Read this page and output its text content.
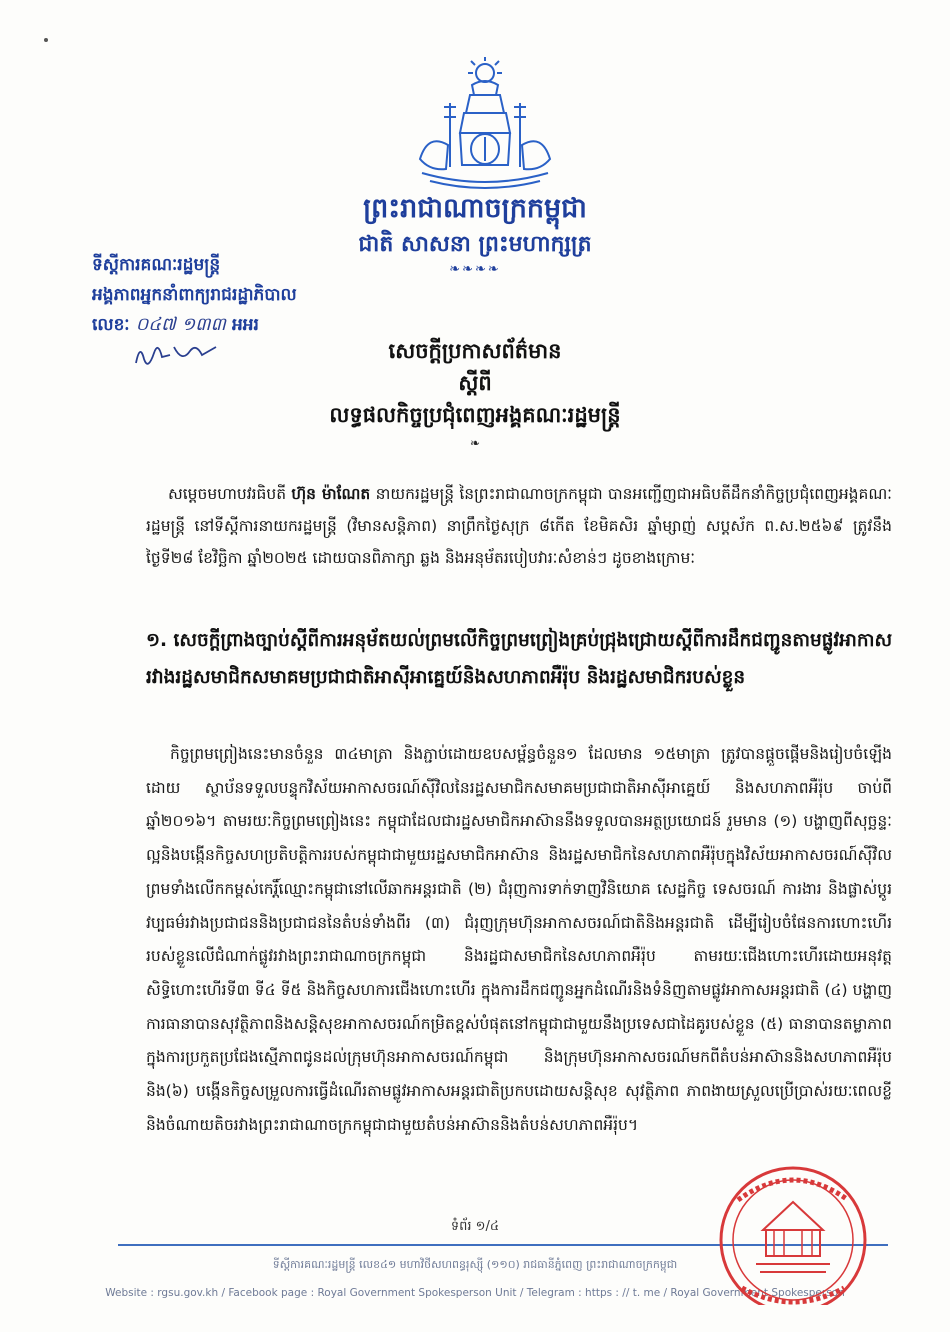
ព្រះរាជាណាចក្រកម្ពុជា
ជាតិ សាសនា ព្រះមហាក្សត្រ
❧❧❧❧
ទីស្ដីការគណៈរដ្ឋមន្ត្រី
អង្គភាពអ្នកនាំពាក្យរាជរដ្ឋាភិបាល
លេខៈ ០៤៧ ១៣៣ អអរ
សេចក្ដីប្រកាសព័ត៌មាន
ស្ដីពី
លទ្ធផលកិច្ចប្រជុំពេញអង្គគណៈរដ្ឋមន្ត្រី
❧
សម្ដេចមហាបវរធិបតី ហ៊ុន ម៉ាណែត នាយករដ្ឋមន្ត្រី នៃព្រះរាជាណាចក្រកម្ពុជា បានអញ្ជើញជាអធិបតីដឹកនាំកិច្ចប្រជុំពេញអង្គគណៈរដ្ឋមន្ត្រី នៅទីស្ដីការនាយករដ្ឋមន្ត្រី (វិមានសន្តិភាព) នាព្រឹកថ្ងៃសុក្រ ៨កើត ខែមិគសិរ ឆ្នាំម្សាញ់ សប្តស័ក ព.ស.២៥៦៩ ត្រូវនឹងថ្ងៃទី២៨ ខែវិច្ឆិកា ឆ្នាំ២០២៥ ដោយបានពិភាក្សា ឆ្លង និងអនុម័តរបៀបវារៈសំខាន់ៗ ដូចខាងក្រោមៈ
១. សេចក្ដីព្រាងច្បាប់ស្ដីពីការអនុម័តយល់ព្រមលើកិច្ចព្រមព្រៀងគ្រប់ជ្រុងជ្រោយស្ដីពីការដឹកជញ្ជូនតាមផ្លូវអាកាសរវាងរដ្ឋសមាជិកសមាគមប្រជាជាតិអាស៊ីអាគ្នេយ៍និងសហភាពអឺរ៉ុប និងរដ្ឋសមាជិករបស់ខ្លួន
កិច្ចព្រមព្រៀងនេះមានចំនួន ៣៤មាត្រា និងភ្ជាប់ដោយឧបសម្ព័ន្ធចំនួន១ ដែលមាន ១៥មាត្រា ត្រូវបានផ្ដួចផ្ដើមនិងរៀបចំឡើងដោយ ស្ថាប័នទទួលបន្ទុកវិស័យអាកាសចរណ៍ស៊ីវិលនៃរដ្ឋសមាជិកសមាគមប្រជាជាតិអាស៊ីអាគ្នេយ៍ និងសហភាពអឺរ៉ុប ចាប់ពីឆ្នាំ២០១៦។ តាមរយៈកិច្ចព្រមព្រៀងនេះ កម្ពុជាដែលជារដ្ឋសមាជិកអាស៊ាននឹងទទួលបានអត្ថប្រយោជន៍ រួមមាន (១) បង្ហាញពីសុច្ឆន្ទៈល្អនិងបង្កើនកិច្ចសហប្រតិបត្តិការរបស់កម្ពុជាជាមួយរដ្ឋសមាជិកអាស៊ាន និងរដ្ឋសមាជិកនៃសហភាពអឺរ៉ុបក្នុងវិស័យអាកាសចរណ៍ស៊ីវិល ព្រមទាំងលើកកម្ពស់កេរ្តិ៍ឈ្មោះកម្ពុជានៅលើឆាកអន្តរជាតិ (២) ជំរុញការទាក់ទាញវិនិយោគ សេដ្ឋកិច្ច ទេសចរណ៍ ការងារ និងផ្លាស់ប្ដូរវប្បធម៌រវាងប្រជាជននិងប្រជាជននៃតំបន់ទាំងពីរ (៣) ជំរុញក្រុមហ៊ុនអាកាសចរណ៍ជាតិនិងអន្តរជាតិ ដើម្បីរៀបចំផែនការហោះហើររបស់ខ្លួនលើជំណាក់ផ្លូវរវាងព្រះរាជាណាចក្រកម្ពុជា និងរដ្ឋជាសមាជិកនៃសហភាពអឺរ៉ុប តាមរយៈជើងហោះហើរដោយអនុវត្តសិទ្ធិហោះហើរទី៣ ទី៤ ទី៥ និងកិច្ចសហការជើងហោះហើរ ក្នុងការដឹកជញ្ជូនអ្នកដំណើរនិងទំនិញតាមផ្លូវអាកាសអន្តរជាតិ (៤) បង្ហាញការធានាបានសុវត្ថិភាពនិងសន្តិសុខអាកាសចរណ៍កម្រិតខ្ពស់បំផុតនៅកម្ពុជាជាមួយនឹងប្រទេសជាដៃគូរបស់ខ្លួន (៥) ធានាបានតម្លាភាពក្នុងការប្រកួតប្រជែងស្មើភាពជូនដល់ក្រុមហ៊ុនអាកាសចរណ៍កម្ពុជា និងក្រុមហ៊ុនអាកាសចរណ៍មកពីតំបន់អាស៊ាននិងសហភាពអឺរ៉ុប និង(៦) បង្កើនកិច្ចសម្រួលការធ្វើដំណើរតាមផ្លូវអាកាសអន្តរជាតិប្រកបដោយសន្តិសុខ សុវត្ថិភាព ភាពងាយស្រួលប្រើប្រាស់រយៈពេលខ្លី និងចំណាយតិចរវាងព្រះរាជាណាចក្រកម្ពុជាជាមួយតំបន់អាស៊ាននិងតំបន់សហភាពអឺរ៉ុប។
ទំព័រ ១/៤
ទីស្ដីការគណៈរដ្ឋមន្ត្រី លេខ៤១ មហាវិថីសហពន្ធរុស្ស៊ី (១១០) រាជធានីភ្នំពេញ ព្រះរាជាណាចក្រកម្ពុជា
Website : rgsu.gov.kh / Facebook page : Royal Government Spokesperson Unit / Telegram : https : // t. me / Royal Government Spokesperson
